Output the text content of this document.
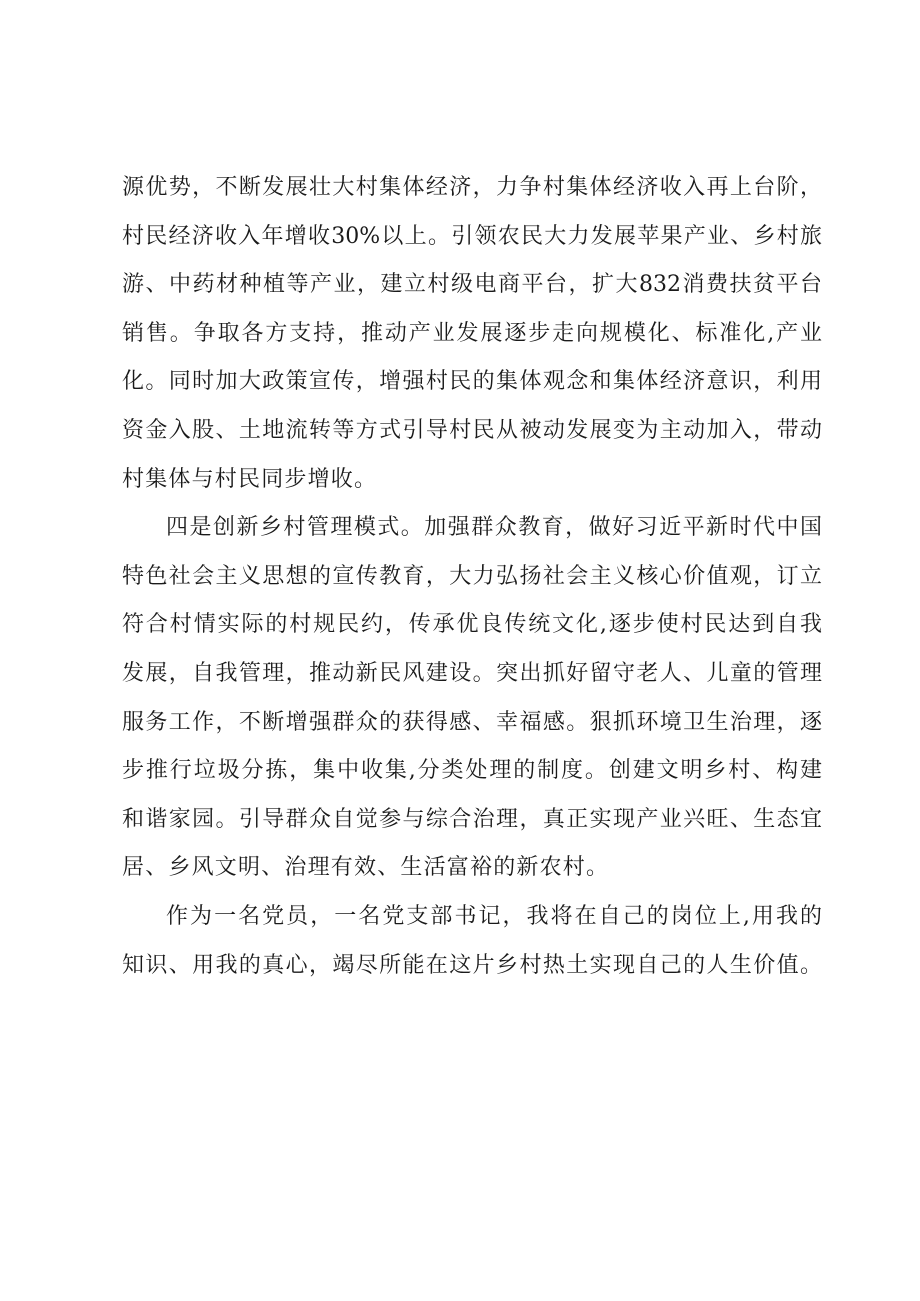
源优势，不断发展壮大村集体经济，力争村集体经济收入再上台阶，
村民经济收入年增收30%以上。引领农民大力发展苹果产业、乡村旅
游、中药材种植等产业，建立村级电商平台，扩大832消费扶贫平台
销售。争取各方支持，推动产业发展逐步走向规模化、标准化,产业
化。同时加大政策宣传，增强村民的集体观念和集体经济意识，利用
资金入股、土地流转等方式引导村民从被动发展变为主动加入，带动
村集体与村民同步增收。
四是创新乡村管理模式。加强群众教育，做好习近平新时代中国
特色社会主义思想的宣传教育，大力弘扬社会主义核心价值观，订立
符合村情实际的村规民约，传承优良传统文化,逐步使村民达到自我
发展，自我管理，推动新民风建设。突出抓好留守老人、儿童的管理
服务工作，不断增强群众的获得感、幸福感。狠抓环境卫生治理，逐
步推行垃圾分拣，集中收集,分类处理的制度。创建文明乡村、构建
和谐家园。引导群众自觉参与综合治理，真正实现产业兴旺、生态宜
居、乡风文明、治理有效、生活富裕的新农村。
作为一名党员，一名党支部书记，我将在自己的岗位上,用我的
知识、用我的真心，竭尽所能在这片乡村热土实现自己的人生价值。
